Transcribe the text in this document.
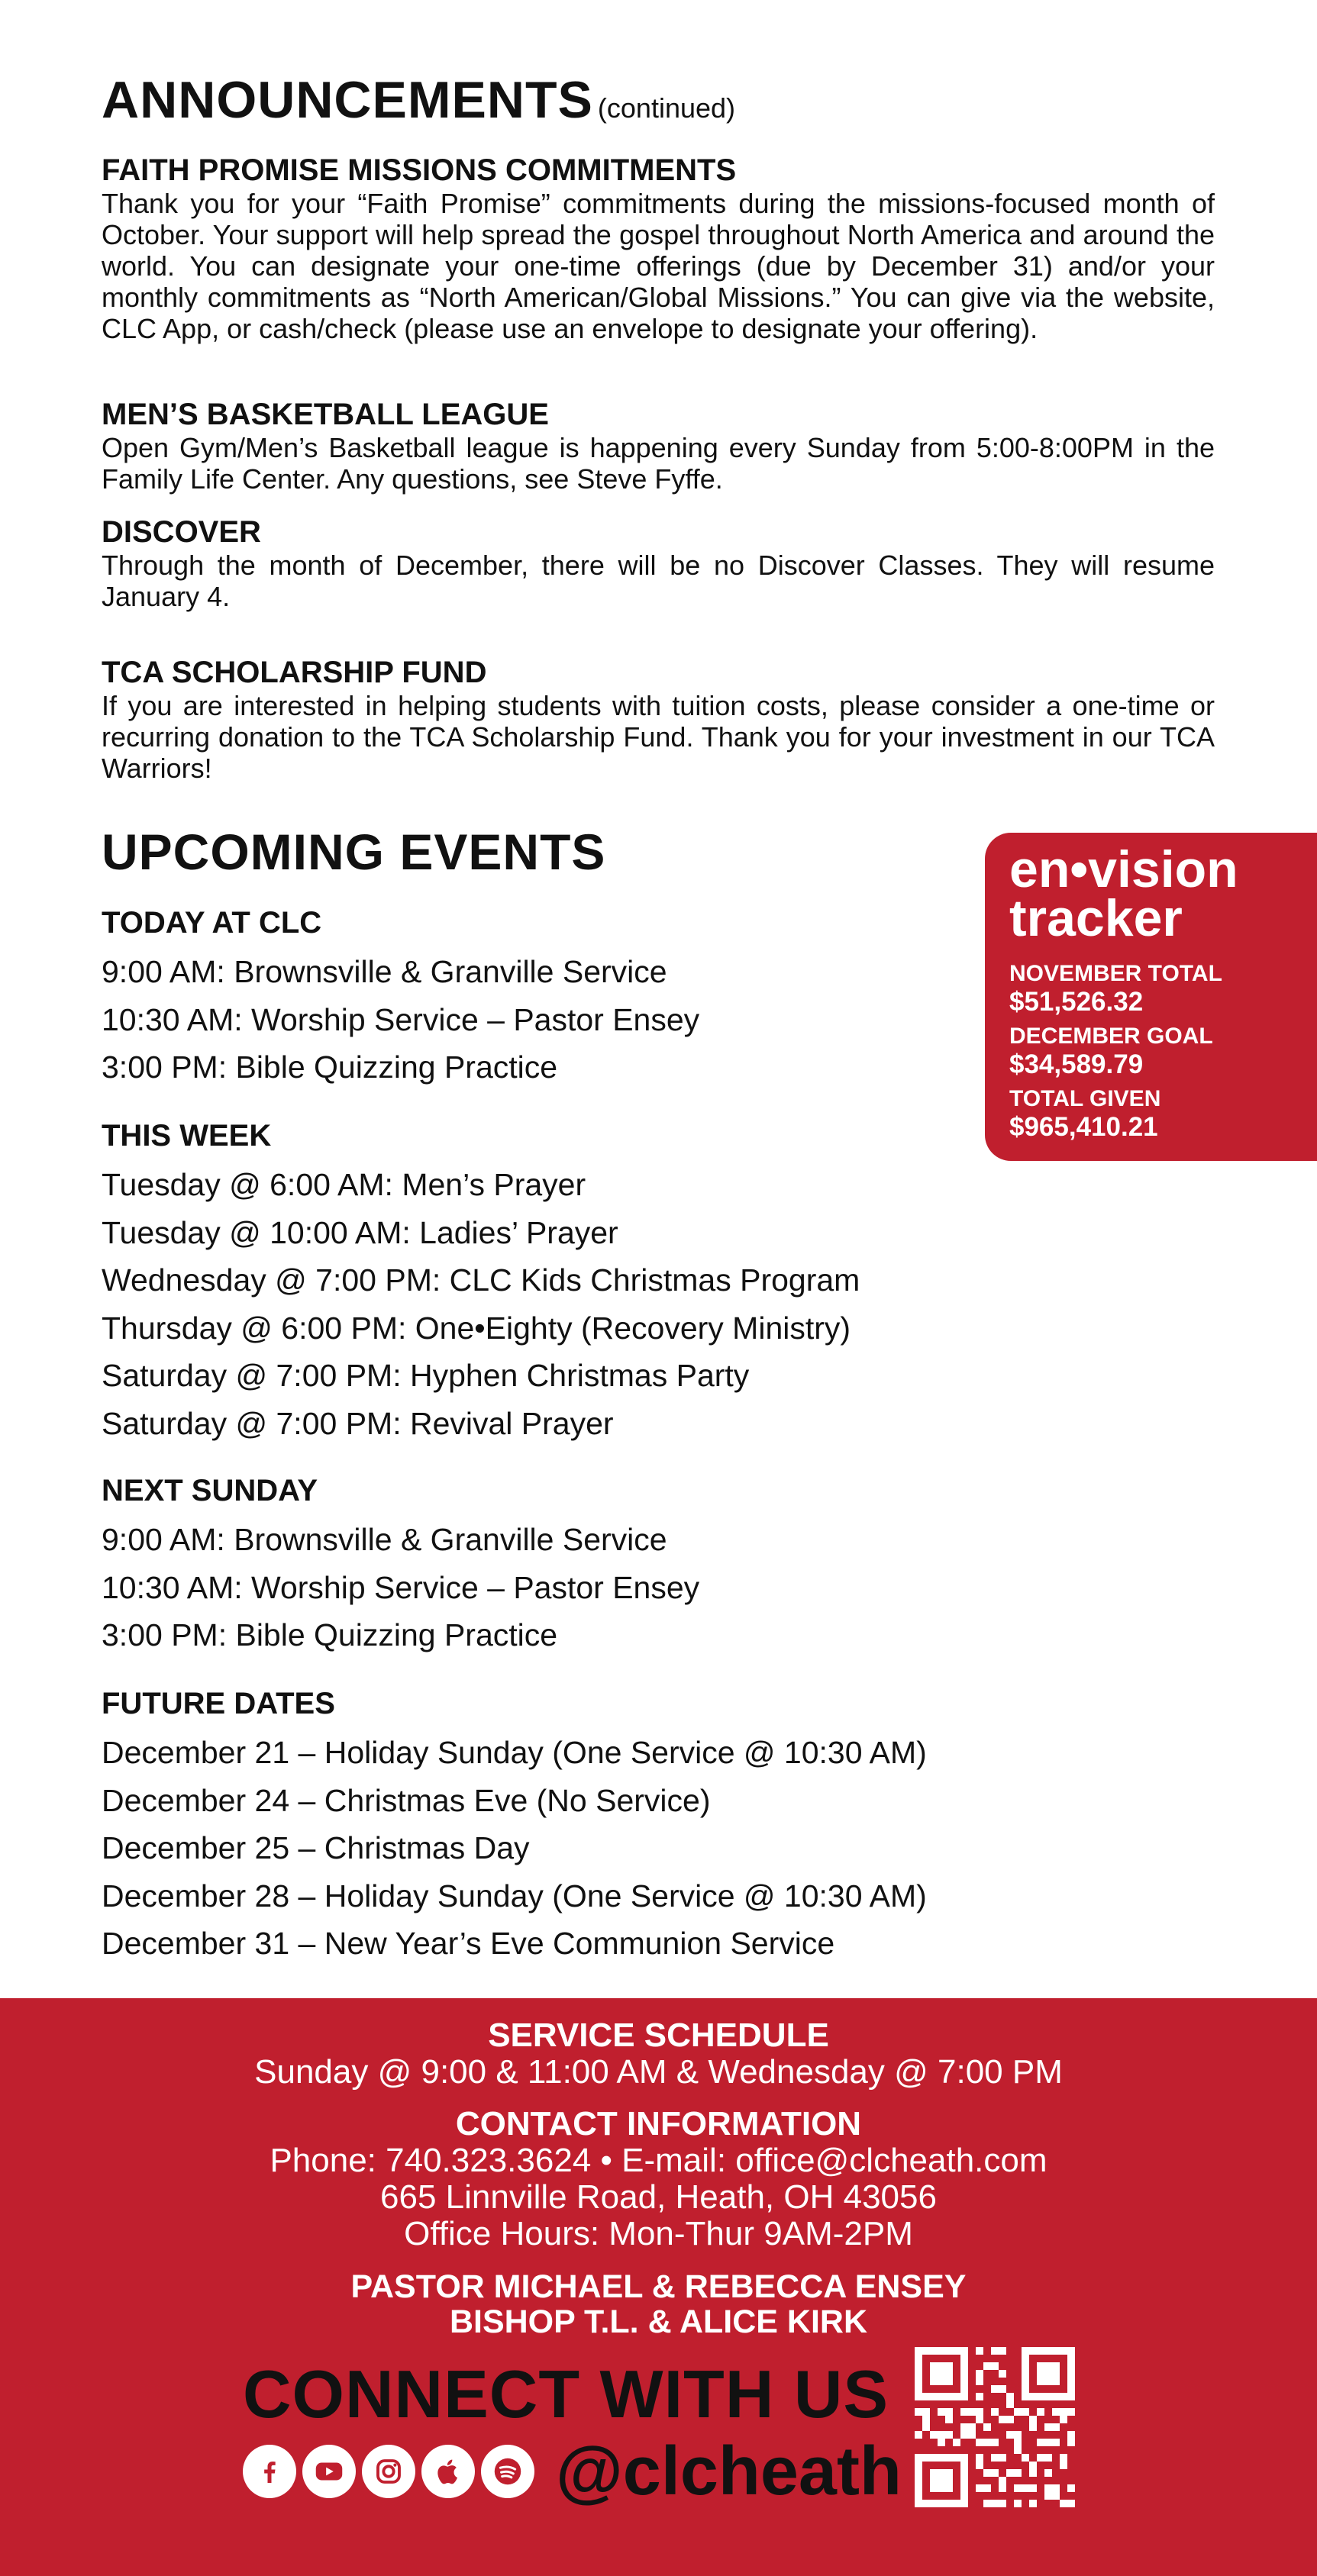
ANNOUNCEMENTS (continued)
FAITH PROMISE MISSIONS COMMITMENTS

Thank you for your “Faith Promise” commitments during the missions-focused month of October. Your support will help spread the gospel throughout North America and around the world. You can designate your one-time offerings (due by December 31) and/or your monthly commitments as “North American/Global Missions.” You can give via the website, CLC App, or cash/check (please use an envelope to designate your offering).

MEN’S BASKETBALL LEAGUE

Open Gym/Men’s Basketball league is happening every Sunday from 5:00-8:00PM in the Family Life Center. Any questions, see Steve Fyffe.

DISCOVER

Through the month of December, there will be no Discover Classes. They will resume January 4.

TCA SCHOLARSHIP FUND

If you are interested in helping students with tuition costs, please consider a one-time or recurring donation to the TCA Scholarship Fund. Thank you for your investment in our TCA Warriors!

UPCOMING EVENTS
TODAY AT CLC
9:00 AM: Brownsville & Granville Service
10:30 AM: Worship Service – Pastor Ensey
3:00 PM: Bible Quizzing Practice
THIS WEEK
Tuesday @ 6:00 AM: Men’s Prayer
Tuesday @ 10:00 AM: Ladies’ Prayer
Wednesday @ 7:00 PM: CLC Kids Christmas Program
Thursday @ 6:00 PM: One•Eighty (Recovery Ministry)
Saturday @ 7:00 PM: Hyphen Christmas Party
Saturday @ 7:00 PM: Revival Prayer
NEXT SUNDAY
9:00 AM: Brownsville & Granville Service
10:30 AM: Worship Service – Pastor Ensey
3:00 PM: Bible Quizzing Practice
FUTURE DATES
December 21 – Holiday Sunday (One Service @ 10:30 AM)
December 24 – Christmas Eve (No Service)
December 25 – Christmas Day
December 28 – Holiday Sunday (One Service @ 10:30 AM)
December 31 – New Year’s Eve Communion Service
en•vision
tracker
NOVEMBER TOTAL
$51,526.32
DECEMBER GOAL
$34,589.79
TOTAL GIVEN
$965,410.21
SERVICE SCHEDULE
Sunday @ 9:00 & 11:00 AM & Wednesday @ 7:00 PM
CONTACT INFORMATION
Phone: 740.323.3624 • E-mail: office@clcheath.com
665 Linnville Road, Heath, OH 43056
Office Hours: Mon-Thur 9AM-2PM
PASTOR MICHAEL & REBECCA ENSEY
BISHOP T.L. & ALICE KIRK
CONNECT WITH US
@clcheath
